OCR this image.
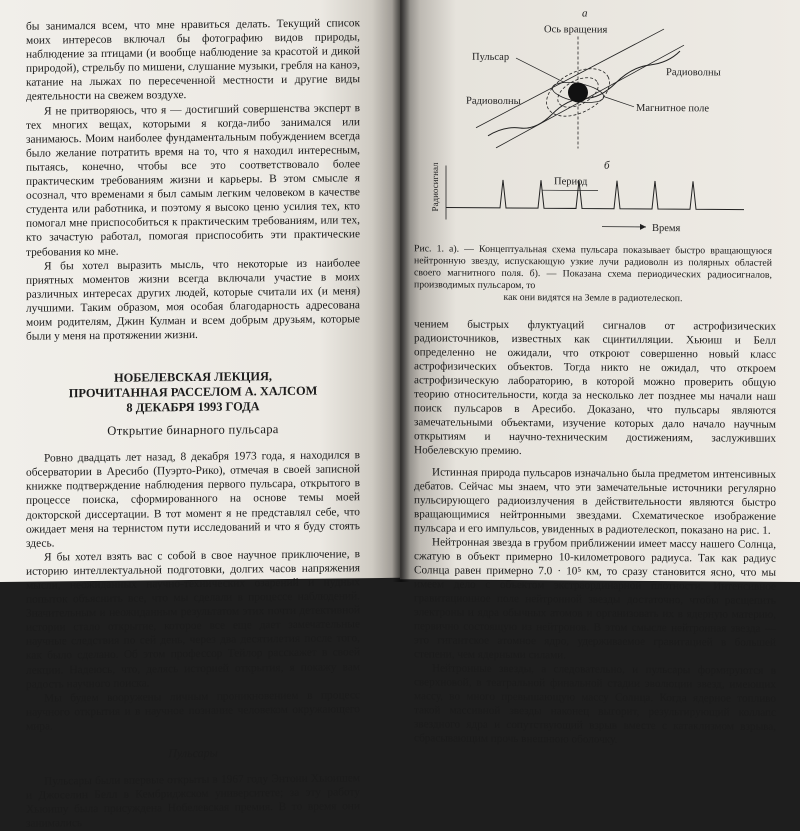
бы занимался всем, что мне нравиться делать. Текущий список моих интересов включал бы фотографию видов природы, наблюдение за птицами (и вообще наблюдение за красотой и дикой природой), стрельбу по мишени, слушание музыки, гребля на каноэ, катание на лыжах по пересеченной местности и другие виды деятельности на свежем воздухе.

Я не притворяюсь, что я — достигший совершенства эксперт в тех многих вещах, которыми я когда-либо занимался или занимаюсь. Моим наиболее фундаментальным побуждением всегда было желание потратить время на то, что я находил интересным, пытаясь, конечно, чтобы все это соответствовало более практическим требованиям жизни и карьеры. В этом смысле я осознал, что временами я был самым легким человеком в качестве студента или работника, и поэтому я высоко ценю усилия тех, кто помогал мне приспособиться к практическим требованиям, или тех, кто зачастую работал, помогая приспособить эти практические требования ко мне.

Я бы хотел выразить мысль, что некоторые из наиболее приятных моментов жизни всегда включали участие в моих различных интересах других людей, которые считали их (и меня) лучшими. Таким образом, моя особая благодарность адресована моим родителям, Джин Кулман и всем добрым друзьям, которые были у меня на протяжении жизни.

НОБЕЛЕВСКАЯ ЛЕКЦИЯ,
ПРОЧИТАННАЯ РАССЕЛОМ А. ХАЛСОМ
8 ДЕКАБРЯ 1993 ГОДА
Открытие бинарного пульсара

Ровно двадцать лет назад, 8 декабря 1973 года, я находился в обсерватории в Аресибо (Пуэрто-Рико), отмечая в своей записной книжке подтверждение наблюдения первого пульсара, открытого в процессе поиска, сформированного на основе темы моей докторской диссертации. В тот момент я не представлял себе, что ожидает меня на тернистом пути исследований и что я буду стоять здесь.

Я бы хотел взять вас с собой в свое научное приключение, в историю интеллектуальной подготовки, долгих часов напряжения мысли, неожиданных научно-технических озарений и нудных попыток объяснить все, что мы сделали в процессе наблюдений. Значительным и неожиданным результатом этих почти детективной истории стало открытие, которое все еще дает замечательные научные следствия по сей день, через два десятилетия после того, как было сделано. Об этом профессор Тейлор расскажет в своей лекции. Надеюсь, что, делясь историей открытия, я покажу вам радость научного поиска.

Мы будем вооружены личным проникновением в процесс научного открытия и в научное познание человеком окружающего мира.

Пульсары

Пульсары были впервые открыты в 1967 году Энтони Хьюишем и Джоселин Белл в Кембриджском университете; за эту работу Хьюишу была присуждена Нобелевская премия. В то время они занимались

а
Ось вращения
Пульсар
Радиоволны
Радиоволны
Магнитное поле
б
Период
Радиосигнал
Время
Рис. 1. а). — Концептуальная схема пульсара показывает быстро вращающуюся нейтронную звезду, испускающую узкие лучи радиоволн из полярных областей своего магнитного поля. б). — Показана схема периодических радиосигналов, производимых пульсаром, то
как они видятся на Земле в радиотелескоп.

чением быстрых флуктуаций сигналов от астрофизических радиоисточников, известных как сцинтилляции. Хьюиш и Белл определенно не ожидали, что откроют совершенно новый класс астрофизических объектов. Тогда никто не ожидал, что откроем астрофизическую лабораторию, в которой можно проверить общую теорию относительности, когда за несколько лет позднее мы начали наш поиск пульсаров в Аресибо. Доказано, что пульсары являются замечательными объектами, изучение которых дало начало научным открытиям и научно-техническим достижениям, заслуживших Нобелевскую премию.

Истинная природа пульсаров изначально была предметом интенсивных дебатов. Сейчас мы знаем, что эти замечательные источники регулярно пульсирующего радиоизлучения в действительности являются быстро вращающимися нейтронными звездами. Схематическое изображение пульсара и его импульсов, увиденных в радиотелескоп, показано на рис. 1.

Нейтронная звезда в грубом приближении имеет массу нашего Солнца, сжатую в объект примерно 10-километрового радиуса. Так как радиус Солнца равен примерно 7.0 · 10⁵ км, то сразу становится ясно, что мы имеем дело с объектом экстраординарной плотности. Интенсивное гравитационное поле нейтронной звезды достаточно, чтобы расщепить электроны и ядра обычных атомов и организовать их в ядерную материю, первично состоящую из нейтронов. В этом смысле нейтронная звезда — это гигантское атомное ядро, удерживаемое гравитацией в большей степени, чем ядерными силами.

Нейтронные звезды, а следовательно, и пульсары формируются в сверхновой, в театральной финальной стадии эволюции звезд, имеющих массу, во много превышающую массу Солнца. Когда ядерное топливо такой массивной звезды наконец выгорит, результирующий коллапс звездного ядра и сопутствующий взрыв вместе с катаклизмом взрыва, сбрасывающим прочь внешнюю оболочку.
